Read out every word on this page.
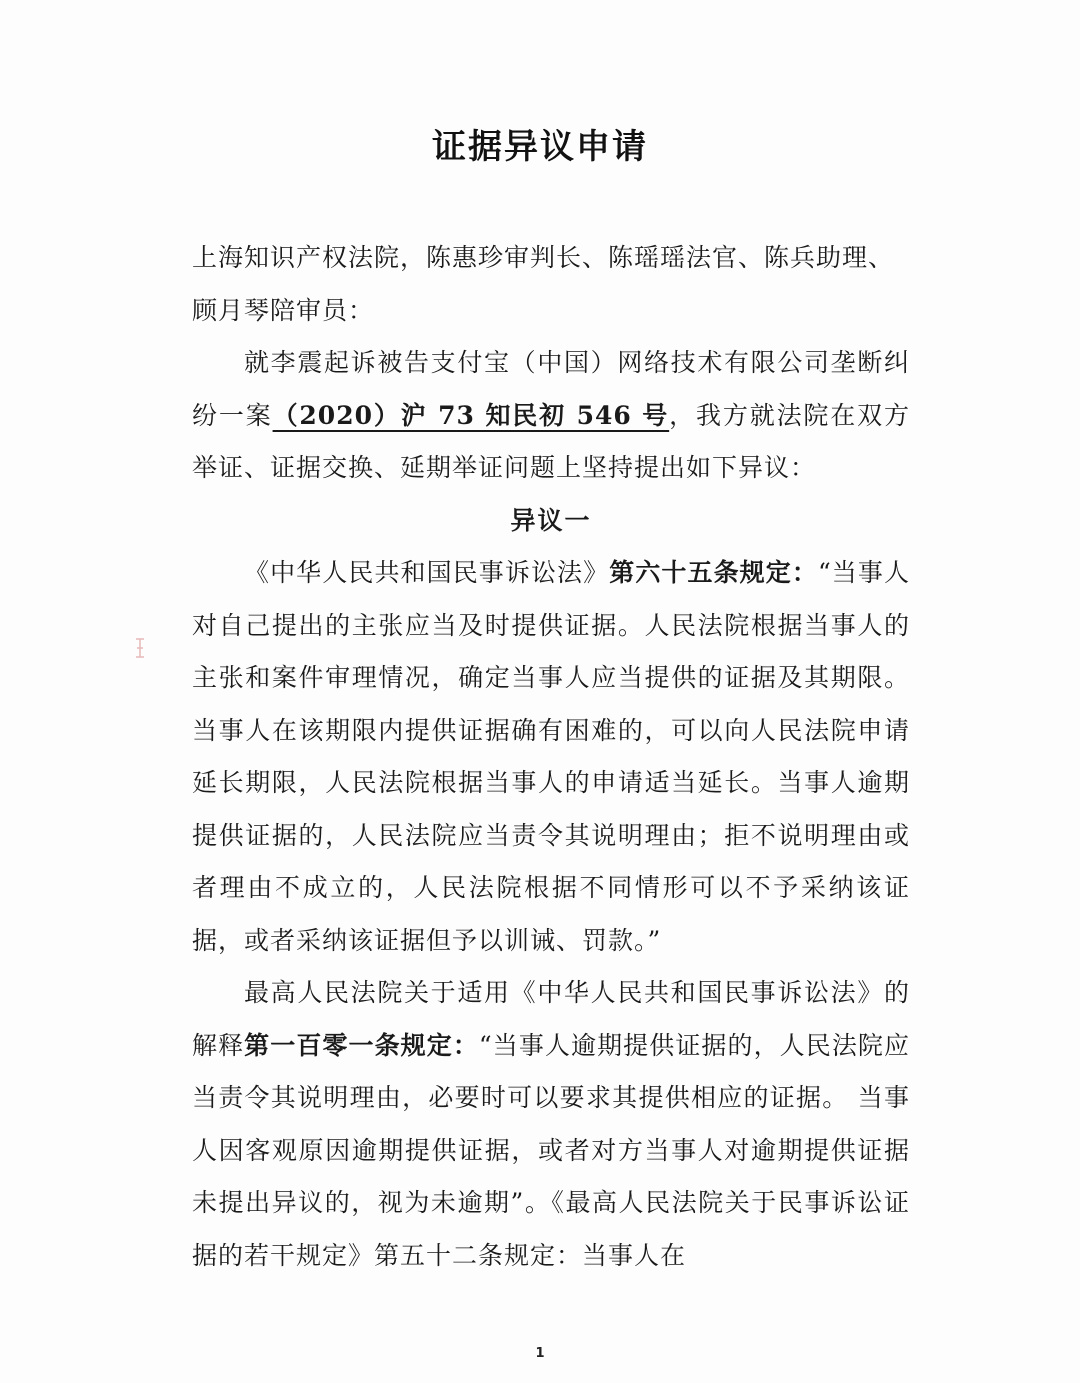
证据异议申请

上海知识产权法院，陈惠珍审判长、陈瑶瑶法官、陈兵助理、
顾月琴陪审员：

就李震起诉被告支付宝（中国）网络技术有限公司垄断纠纷一案（2020）沪 73 知民初 546 号，我方就法院在双方举证、证据交换、延期举证问题上坚持提出如下异议：

异议一

《中华人民共和国民事诉讼法》第六十五条规定：“当事人对自己提出的主张应当及时提供证据。人民法院根据当事人的主张和案件审理情况，确定当事人应当提供的证据及其期限。当事人在该期限内提供证据确有困难的，可以向人民法院申请延长期限，人民法院根据当事人的申请适当延长。当事人逾期提供证据的，人民法院应当责令其说明理由；拒不说明理由或者理由不成立的，人民法院根据不同情形可以不予采纳该证据，或者采纳该证据但予以训诫、罚款。”

最高人民法院关于适用《中华人民共和国民事诉讼法》的解释第一百零一条规定：“当事人逾期提供证据的，人民法院应当责令其说明理由，必要时可以要求其提供相应的证据。 当事人因客观原因逾期提供证据，或者对方当事人对逾期提供证据未提出异议的，视为未逾期”。《最高人民法院关于民事诉讼证据的若干规定》第五十二条规定：当事人在

1
